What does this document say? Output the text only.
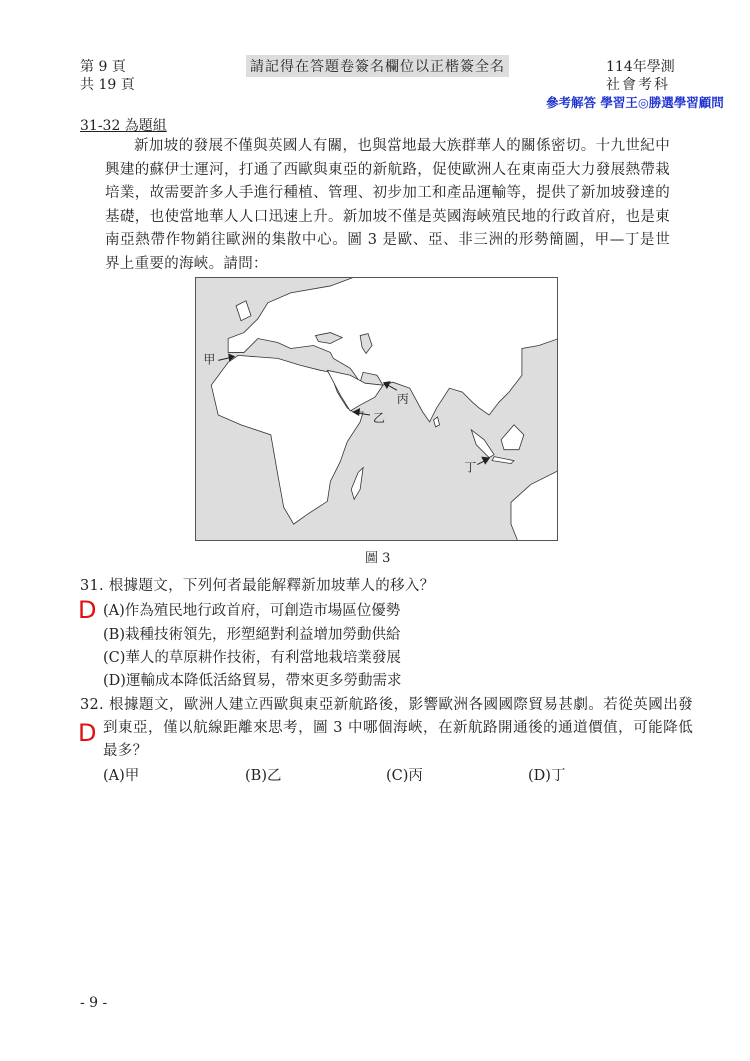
第 9 頁
共 19 頁
請記得在答題卷簽名欄位以正楷簽全名	114年學測
社會考科
參考解答 學習王◎勝選學習顧問
31-32 為題組

新加坡的發展不僅與英國人有關，也與當地最大族群華人的關係密切。十九世紀中興建的蘇伊士運河，打通了西歐與東亞的新航路，促使歐洲人在東南亞大力發展熱帶栽培業，故需要許多人手進行種植、管理、初步加工和產品運輸等，提供了新加坡發達的基礎，也使當地華人人口迅速上升。新加坡不僅是英國海峽殖民地的行政首府，也是東南亞熱帶作物銷往歐洲的集散中心。圖 3 是歐、亞、非三洲的形勢簡圖，甲—丁是世界上重要的海峽。請問：

甲
乙
丙
丁
圖 3
31. 根據題文，下列何者最能解釋新加坡華人的移入？
D (A)作為殖民地行政首府，可創造市場區位優勢
(B)栽種技術領先，形塑絕對利益增加勞動供給
(C)華人的草原耕作技術，有利當地栽培業發展
(D)運輸成本降低活絡貿易，帶來更多勞動需求
32. 根據題文，歐洲人建立西歐與東亞新航路後，影響歐洲各國國際貿易甚劇。若從英國出發到東亞，僅以航線距離來思考，圖 3 中哪個海峽，在新航路開通後的通道價值，可能降低最多？
D
(A)甲	(B)乙	(C)丙	(D)丁
- 9 -
